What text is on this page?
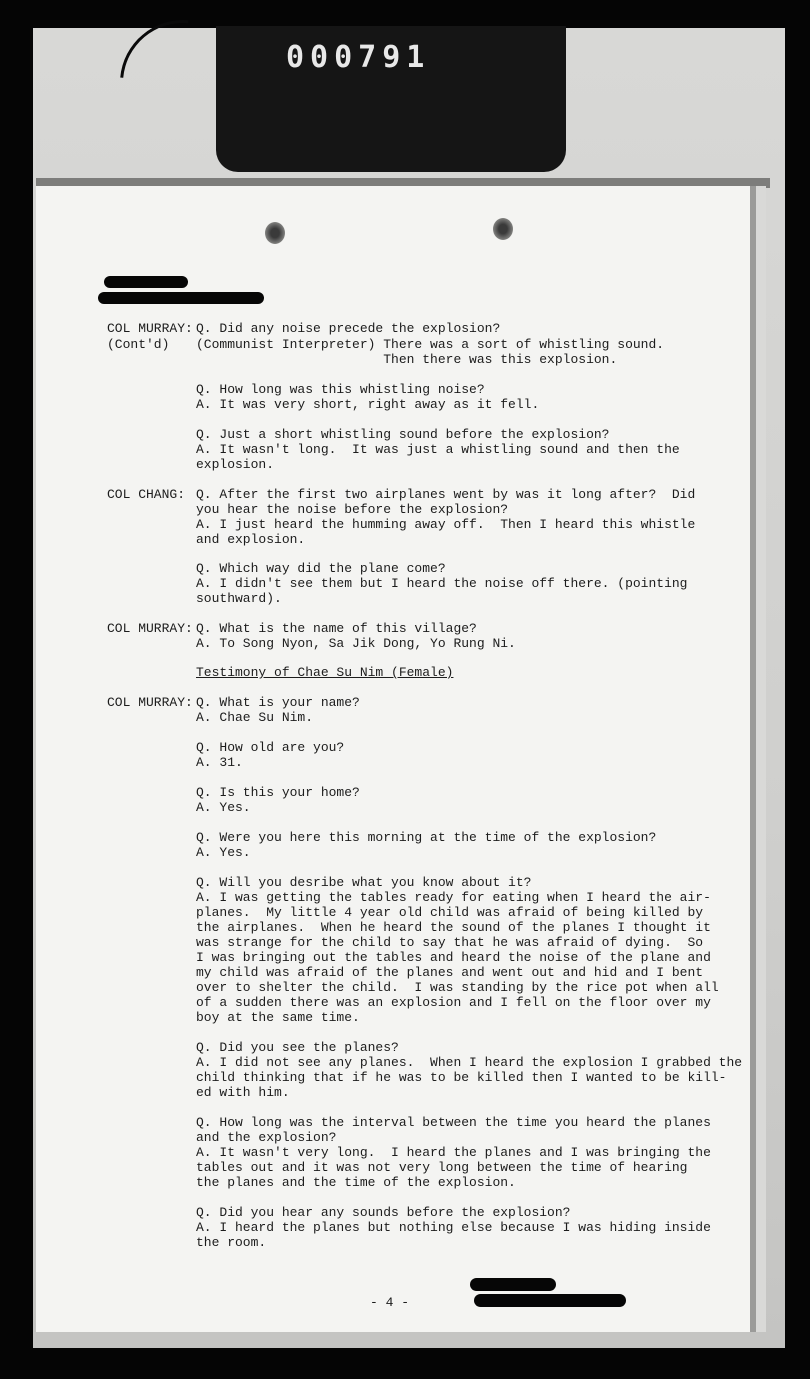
000791

COL MURRAY:

(Cont'd)

COL CHANG:

COL MURRAY:

COL MURRAY:

Q. Did any noise precede the explosion?

(Communist Interpreter) There was a sort of whistling sound.

Then there was this explosion.

Q. How long was this whistling noise?

A. It was very short, right away as it fell.

Q. Just a short whistling sound before the explosion?

A. It wasn't long.  It was just a whistling sound and then the

explosion.

Q. After the first two airplanes went by was it long after?  Did

you hear the noise before the explosion?

A. I just heard the humming away off.  Then I heard this whistle

and explosion.

Q. Which way did the plane come?

A. I didn't see them but I heard the noise off there. (pointing

southward).

Q. What is the name of this village?

A. To Song Nyon, Sa Jik Dong, Yo Rung Ni.

Testimony of Chae Su Nim (Female)

Q. What is your name?

A. Chae Su Nim.

Q. How old are you?

A. 31.

Q. Is this your home?

A. Yes.

Q. Were you here this morning at the time of the explosion?

A. Yes.

Q. Will you desribe what you know about it?

A. I was getting the tables ready for eating when I heard the air-

planes.  My little 4 year old child was afraid of being killed by

the airplanes.  When he heard the sound of the planes I thought it

was strange for the child to say that he was afraid of dying.  So

I was bringing out the tables and heard the noise of the plane and

my child was afraid of the planes and went out and hid and I bent

over to shelter the child.  I was standing by the rice pot when all

of a sudden there was an explosion and I fell on the floor over my

boy at the same time.

Q. Did you see the planes?

A. I did not see any planes.  When I heard the explosion I grabbed the

child thinking that if he was to be killed then I wanted to be kill-

ed with him.

Q. How long was the interval between the time you heard the planes

and the explosion?

A. It wasn't very long.  I heard the planes and I was bringing the

tables out and it was not very long between the time of hearing

the planes and the time of the explosion.

Q. Did you hear any sounds before the explosion?

A. I heard the planes but nothing else because I was hiding inside

the room.

- 4 -
